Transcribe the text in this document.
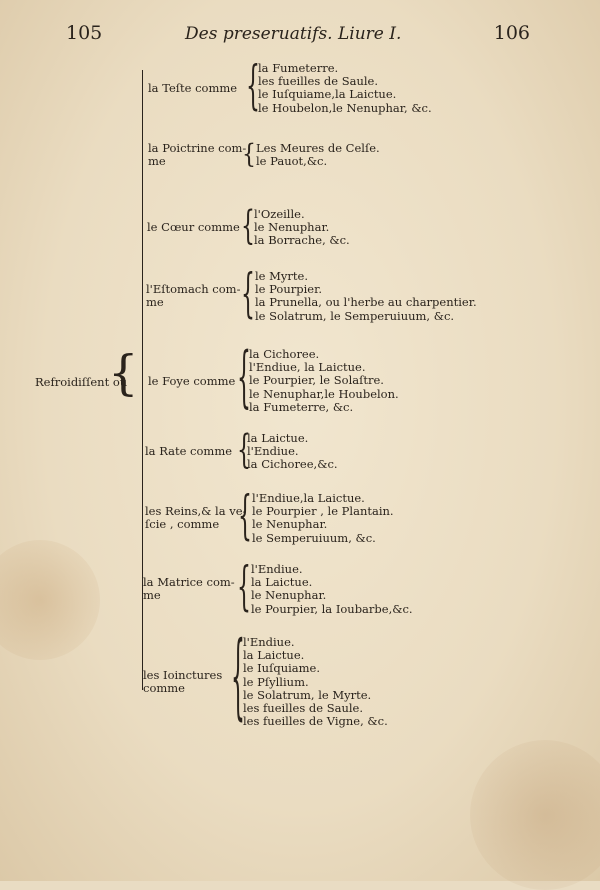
105	Des preseruatifs. Liure I.	106
Refroidiſſent ou
{
la Teſte comme {
la Fumeterre.
les fueilles de Saule.
le Iuſquiame,la Laictue.
le Houbelon,le Nenuphar, &c.
la Poictrine com-
me	{ Les Meures de Celſe.
le Pauot,&c.
le Cœur comme { l'Ozeille.
le Nenuphar.
la Borrache, &c.
l'Eſtomach com-
me	{ le Myrte.
le Pourpier.
la Prunella, ou l'herbe au charpentier.
le Solatrum, le Semperuiuum, &c.
le Foye comme {
la Cichoree.
l'Endiue, la Laictue.
le Pourpier, le Solaſtre.
le Nenuphar,le Houbelon.
la Fumeterre, &c.
la Rate comme {
la Laictue.
l'Endiue.
la Cichoree,&c.
les Reins,& la ve-
ſcie , comme { l'Endiue,la Laictue.
le Pourpier , le Plantain.
le Nenuphar.
le Semperuiuum, &c.
la Matrice com-
me	{ l'Endiue.
la Laictue.
le Nenuphar.
le Pourpier, la Ioubarbe,&c.
les Ioinctures
comme {
l'Endiue.
la Laictue.
le Iuſquiame.
le Pſyllium.
le Solatrum, le Myrte.
les fueilles de Saule.
les fueilles de Vigne, &c.
